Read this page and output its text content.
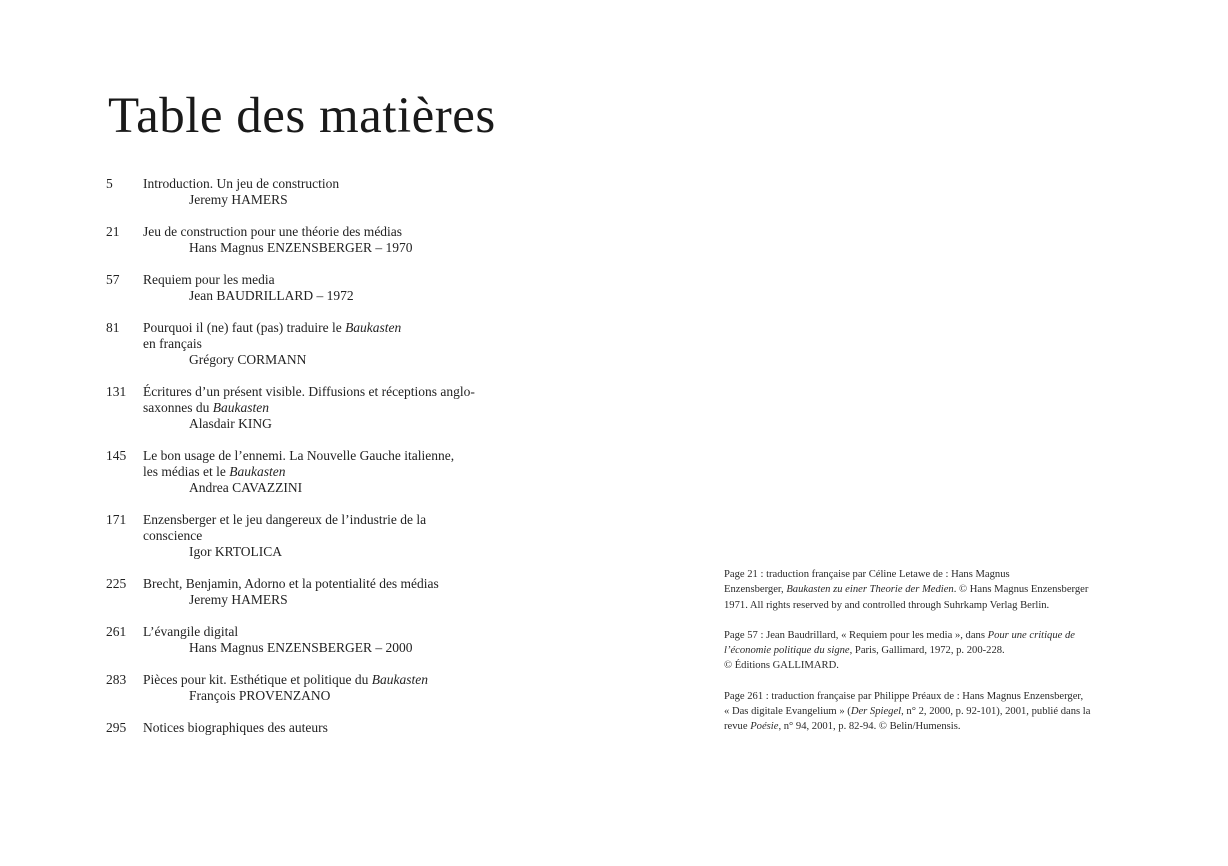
Table des matières
5 Introduction. Un jeu de construction
Jeremy HAMERS
21 Jeu de construction pour une théorie des médias
Hans Magnus ENZENSBERGER – 1970
57 Requiem pour les media
Jean BAUDRILLARD – 1972
81 Pourquoi il (ne) faut (pas) traduire le Baukasten
en français
Grégory CORMANN
131 Écritures d’un présent visible. Diffusions et réceptions anglo-
saxonnes du Baukasten
Alasdair KING
145 Le bon usage de l’ennemi. La Nouvelle Gauche italienne,
les médias et le Baukasten
Andrea CAVAZZINI
171 Enzensberger et le jeu dangereux de l’industrie de la
conscience
Igor KRTOLICA
225 Brecht, Benjamin, Adorno et la potentialité des médias
Jeremy HAMERS
261 L’évangile digital
Hans Magnus ENZENSBERGER – 2000
283 Pièces pour kit. Esthétique et politique du Baukasten
François PROVENZANO
295 Notices biographiques des auteurs

Page 21 : traduction française par Céline Letawe de : Hans Magnus
Enzensberger, Baukasten zu einer Theorie der Medien. © Hans Magnus Enzensberger
1971. All rights reserved by and controlled through Suhrkamp Verlag Berlin.

Page 57 : Jean Baudrillard, « Requiem pour les media », dans Pour une critique de
l’économie politique du signe, Paris, Gallimard, 1972, p. 200-228.
© Éditions GALLIMARD.

Page 261 : traduction française par Philippe Préaux de : Hans Magnus Enzensberger,
« Das digitale Evangelium » (Der Spiegel, n° 2, 2000, p. 92-101), 2001, publié dans la
revue Poésie, n° 94, 2001, p. 82-94. © Belin/Humensis.
